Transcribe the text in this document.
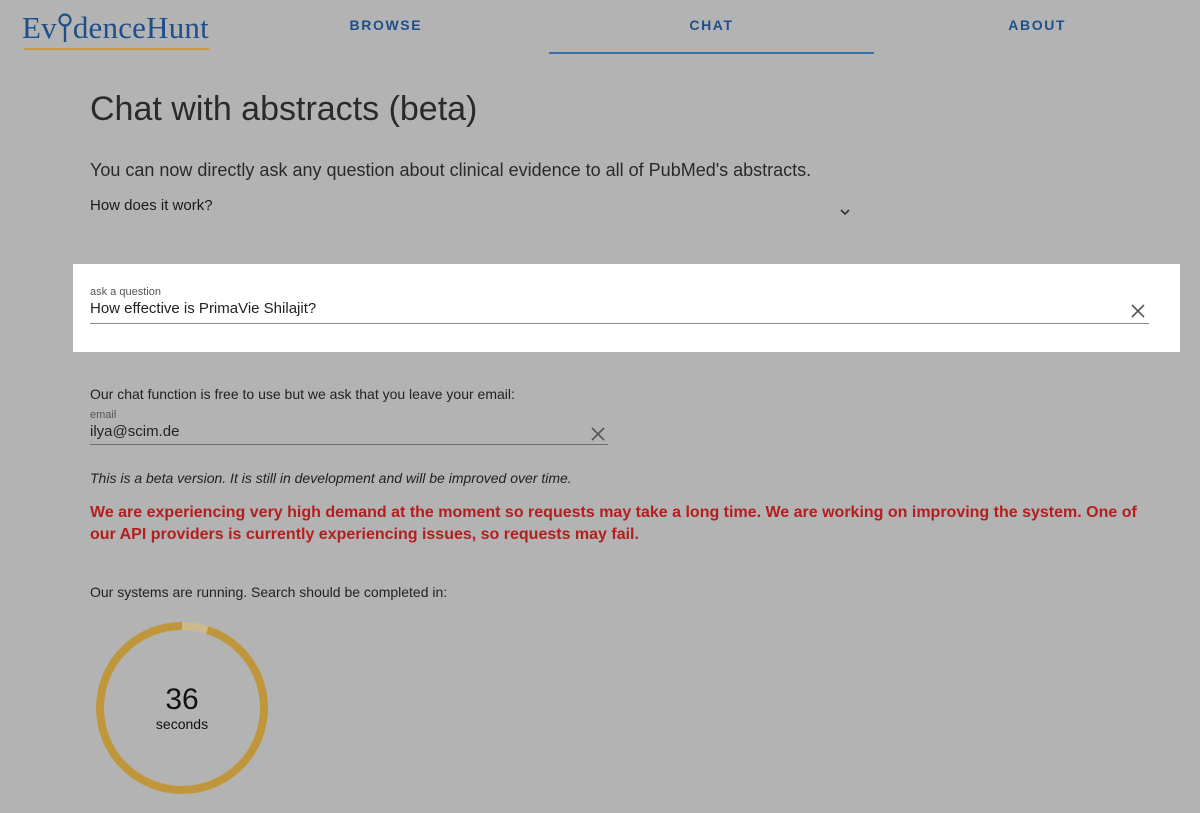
Ev denceHunt	BROWSE	CHAT	ABOUT
Chat with abstracts (beta)
You can now directly ask any question about clinical evidence to all of PubMed's abstracts.
How does it work?
ask a question
How effective is PrimaVie Shilajit?
Our chat function is free to use but we ask that you leave your email:
email
ilya@scim.de
This is a beta version. It is still in development and will be improved over time.
We are experiencing very high demand at the moment so requests may take a long time. We are working on improving the system. One of our API providers is currently experiencing issues, so requests may fail.
Our systems are running. Search should be completed in:
36
seconds
